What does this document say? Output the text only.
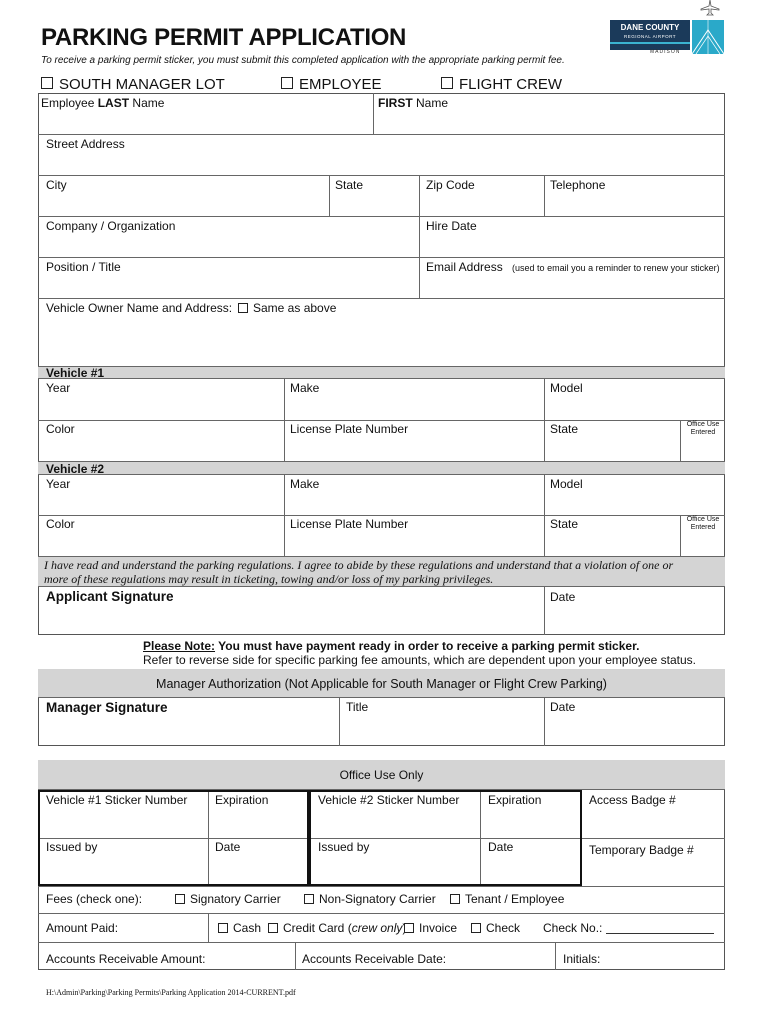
PARKING PERMIT APPLICATION
To receive a parking permit sticker, you must submit this completed application with the appropriate parking permit fee.
DANE COUNTY
REGIONAL AIRPORT
MADISON
SOUTH MANAGER LOT	EMPLOYEE	FLIGHT CREW
Employee LAST Name	FIRST Name
Street Address
City	State	Zip Code	Telephone
Company / Organization	Hire Date
Position / Title	Email Address (used to email you a reminder to renew your sticker)
Vehicle Owner Name and Address:	Same as above
Vehicle #1
Year	Make	Model
Color	License Plate Number	State	Office Use
Entered
Vehicle #2
Year	Make	Model
Color	License Plate Number	State	Office Use
Entered
I have read and understand the parking regulations. I agree to abide by these regulations and understand that a violation of one or
more of these regulations may result in ticketing, towing and/or loss of my parking privileges.
Applicant Signature	Date
Please Note: You must have payment ready in order to receive a parking permit sticker.
Refer to reverse side for specific parking fee amounts, which are dependent upon your employee status.
Manager Authorization (Not Applicable for South Manager or Flight Crew Parking)
Manager Signature	Title	Date
Office Use Only
Vehicle #1 Sticker Number Expiration	Vehicle #2 Sticker Number Expiration	Access Badge #
Issued by	Date	Issued by	Date	Temporary Badge #
Fees (check one):	Signatory Carrier	Non-Signatory Carrier	Tenant / Employee
Amount Paid:	Cash	Credit Card (crew only	Invoice	Check Check No.:
Accounts Receivable Amount:	Accounts Receivable Date:	Initials:
H:\Admin\Parking\Parking Permits\Parking Application 2014-CURRENT.pdf
